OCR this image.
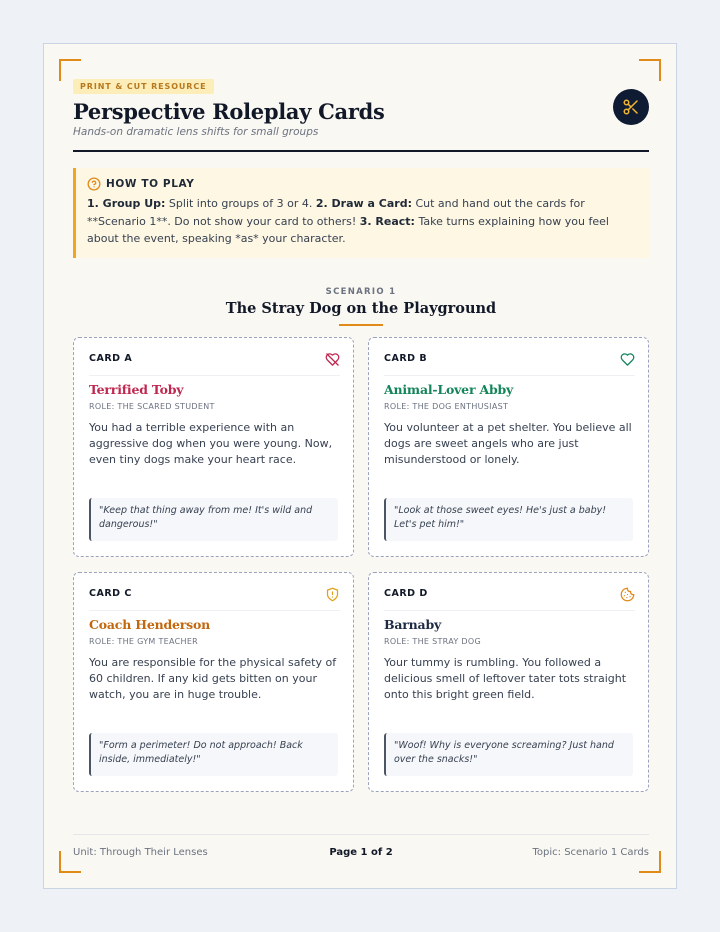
PRINT & CUT RESOURCE
Perspective Roleplay Cards
Hands-on dramatic lens shifts for small groups
HOW TO PLAY

1. Group Up: Split into groups of 3 or 4. 2. Draw a Card: Cut and hand out the cards for **Scenario 1**. Do not show your card to others! 3. React: Take turns explaining how you feel about the event, speaking *as* your character.

SCENARIO 1
The Stray Dog on the Playground
CARD A
Terrified Toby
ROLE: THE SCARED STUDENT

You had a terrible experience with an aggressive dog when you were young. Now, even tiny dogs make your heart race.

"Keep that thing away from me! It's wild and dangerous!"
CARD B
Animal-Lover Abby
ROLE: THE DOG ENTHUSIAST

You volunteer at a pet shelter. You believe all dogs are sweet angels who are just misunderstood or lonely.

"Look at those sweet eyes! He's just a baby! Let's pet him!"
CARD C
Coach Henderson
ROLE: THE GYM TEACHER

You are responsible for the physical safety of 60 children. If any kid gets bitten on your watch, you are in huge trouble.

"Form a perimeter! Do not approach! Back inside, immediately!"
CARD D
Barnaby
ROLE: THE STRAY DOG

Your tummy is rumbling. You followed a delicious smell of leftover tater tots straight onto this bright green field.

"Woof! Why is everyone screaming? Just hand over the snacks!"
Unit: Through Their Lenses	Page 1 of 2	Topic: Scenario 1 Cards
